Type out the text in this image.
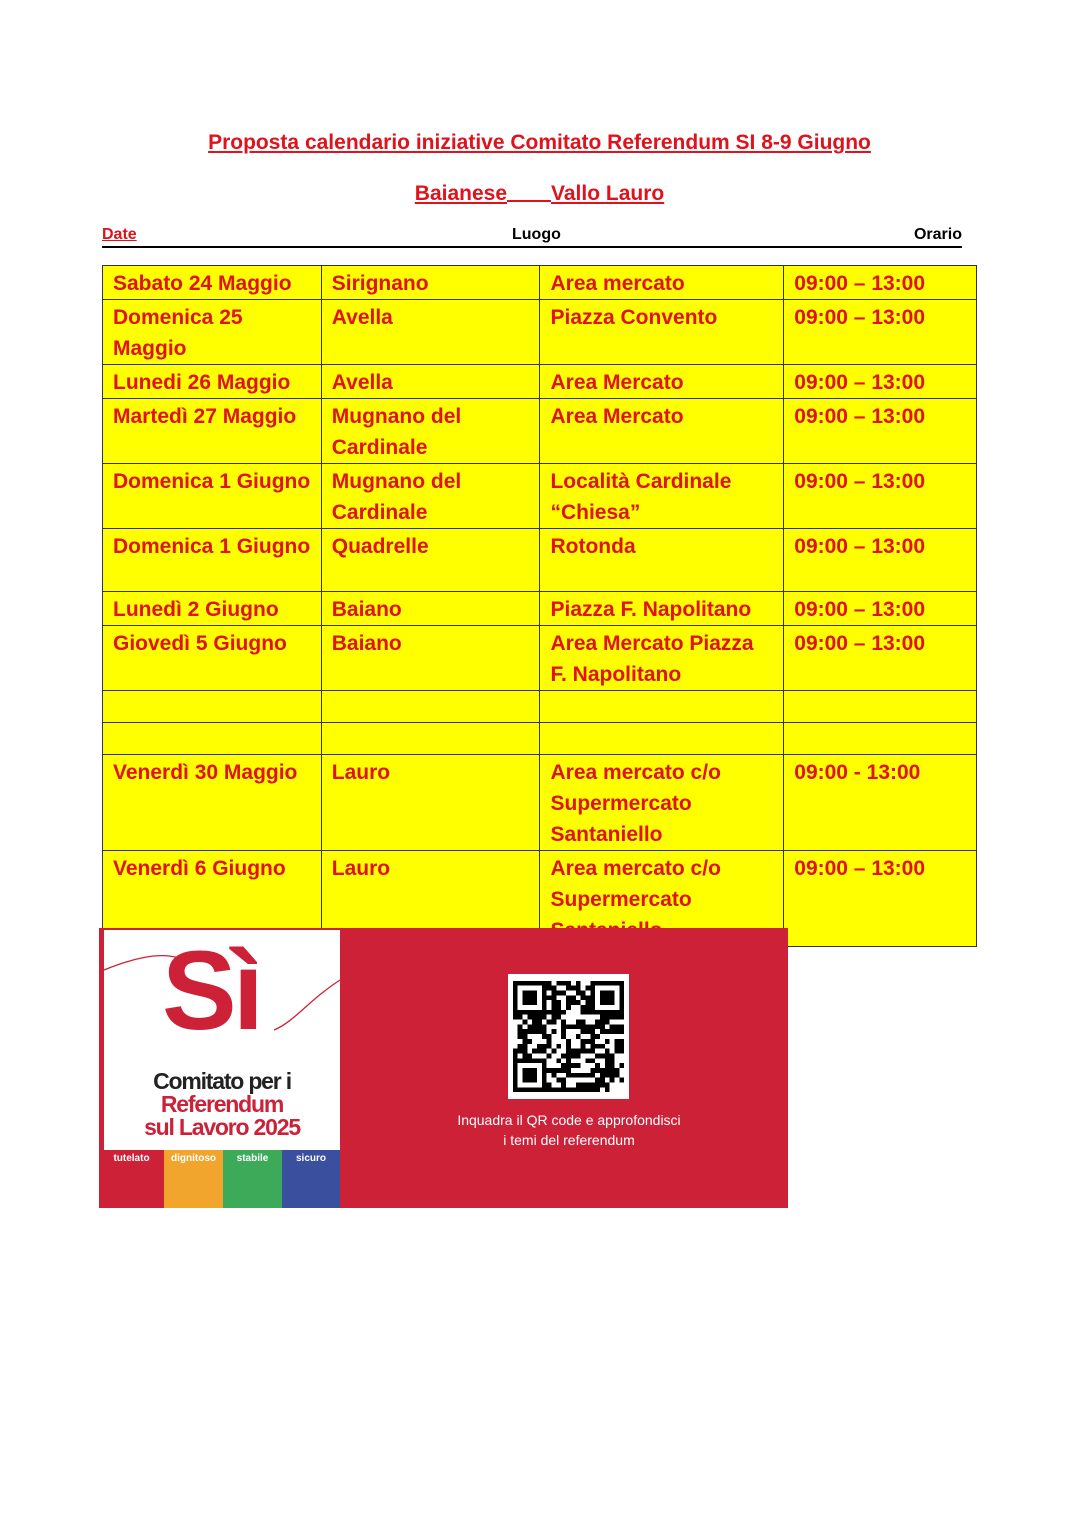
Proposta calendario iniziative Comitato Referendum SI 8-9 Giugno
Baianese Vallo Lauro
Date	Luogo	Orario
Sabato 24 Maggio	Sirignano	Area mercato	09:00 – 13:00
Domenica 25 Maggio	Avella	Piazza Convento	09:00 – 13:00
Lunedi 26 Maggio	Avella	Area Mercato	09:00 – 13:00
Martedì 27 Maggio	Mugnano del Cardinale	Area Mercato	09:00 – 13:00
Domenica 1 Giugno	Mugnano del Cardinale	Località Cardinale “Chiesa”	09:00 – 13:00
Domenica 1 Giugno	Quadrelle	Rotonda	09:00 – 13:00
Lunedì 2 Giugno	Baiano	Piazza F. Napolitano	09:00 – 13:00
Giovedì 5 Giugno	Baiano	Area Mercato Piazza F. Napolitano	09:00 – 13:00

Venerdì 30 Maggio	Lauro	Area mercato c/o Supermercato Santaniello	09:00 - 13:00
Venerdì 6 Giugno	Lauro	Area mercato c/o Supermercato	09:00 – 13:00
Sì
Comitato per i
Referendum
sul Lavoro 2025
tutelato	dignitoso	stabile	sicuro
Inquadra il QR code e approfondisci
i temi del referendum
